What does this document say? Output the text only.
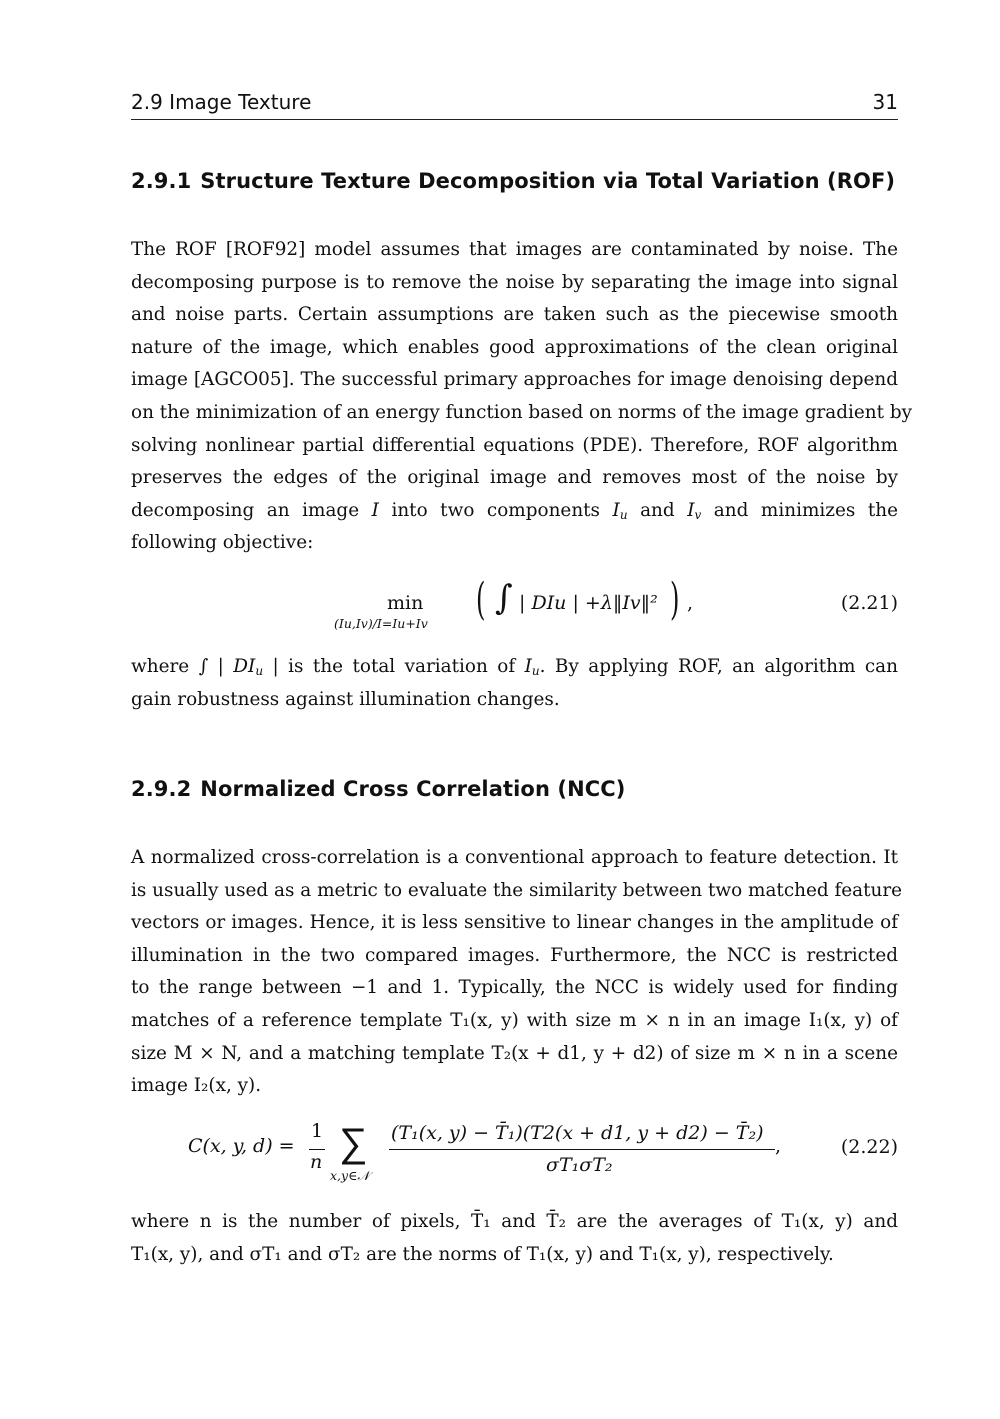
2.9 Image Texture	31
2.9.1 Structure Texture Decomposition via Total Variation (ROF)
The ROF [ROF92] model assumes that images are contaminated by noise. The
decomposing purpose is to remove the noise by separating the image into signal
and noise parts. Certain assumptions are taken such as the piecewise smooth
nature of the image, which enables good approximations of the clean original
image [AGCO05]. The successful primary approaches for image denoising depend
on the minimization of an energy function based on norms of the image gradient by
solving nonlinear partial differential equations (PDE). Therefore, ROF algorithm
preserves the edges of the original image and removes most of the noise by
decomposing an image I into two components $I_u$ and $I_v$ and minimizes the
following objective:
min
(Iu,Iv)/I=Iu+Iv ( ∫ | DIu | +λ‖Iv‖² ) ,	(2.21)
where ∫ | $DI_u$ | is the total variation of $I_u$. By applying ROF, an algorithm can
gain robustness against illumination changes.
2.9.2 Normalized Cross Correlation (NCC)
A normalized cross-correlation is a conventional approach to feature detection. It
is usually used as a metric to evaluate the similarity between two matched feature
vectors or images. Hence, it is less sensitive to linear changes in the amplitude of
illumination in the two compared images. Furthermore, the NCC is restricted
to the range between −1 and 1. Typically, the NCC is widely used for finding
matches of a reference template T₁(x, y) with size m × n in an image I₁(x, y) of
size M × N, and a matching template T₂(x + d1, y + d2) of size m × n in a scene
image I₂(x, y).
C(x, y, d) =
1
n ∑
x,y∈𝒩
(T₁(x, y) − T̄₁)(T2(x + d1, y + d2) − T̄₂)
σT₁σT₂
,	(2.22)
where n is the number of pixels, T̄₁ and T̄₂ are the averages of T₁(x, y) and
T₁(x, y), and σT₁ and σT₂ are the norms of T₁(x, y) and T₁(x, y), respectively.
